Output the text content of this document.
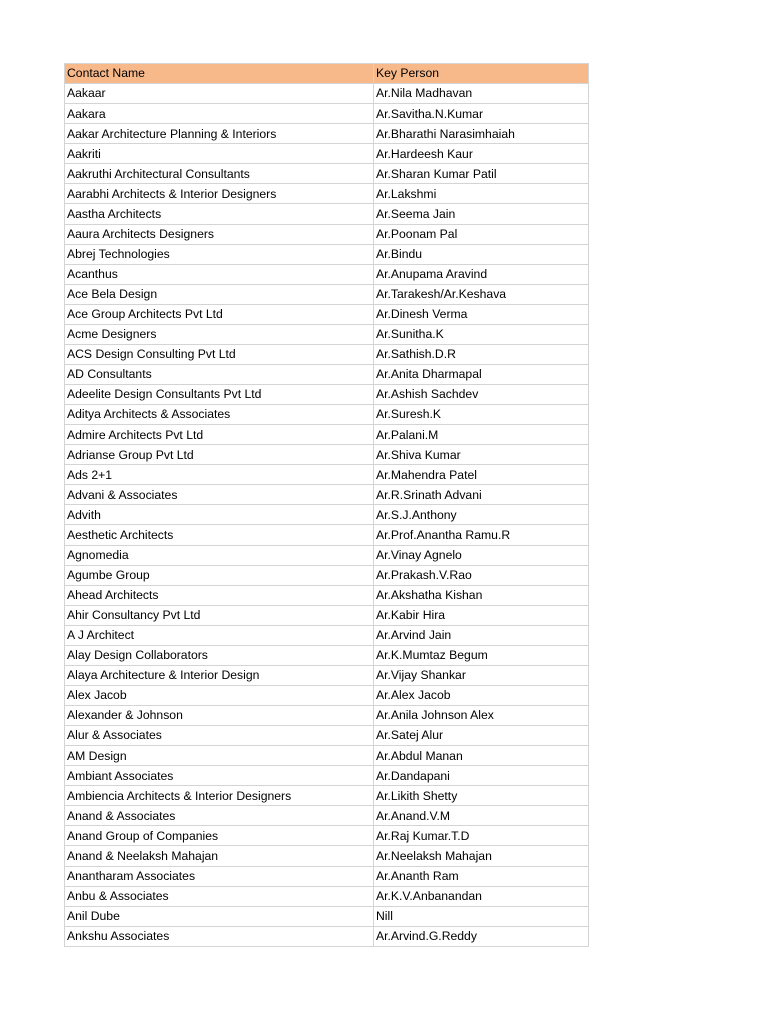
Contact Name	Key Person
Aakaar	Ar.Nila Madhavan
Aakara	Ar.Savitha.N.Kumar
Aakar Architecture Planning & Interiors	Ar.Bharathi Narasimhaiah
Aakriti	Ar.Hardeesh Kaur
Aakruthi Architectural Consultants	Ar.Sharan Kumar Patil
Aarabhi Architects & Interior Designers	Ar.Lakshmi
Aastha Architects	Ar.Seema Jain
Aaura Architects Designers	Ar.Poonam Pal
Abrej Technologies	Ar.Bindu
Acanthus	Ar.Anupama Aravind
Ace Bela Design	Ar.Tarakesh/Ar.Keshava
Ace Group Architects Pvt Ltd	Ar.Dinesh Verma
Acme Designers	Ar.Sunitha.K
ACS Design Consulting Pvt Ltd	Ar.Sathish.D.R
AD Consultants	Ar.Anita Dharmapal
Adeelite Design Consultants Pvt Ltd	Ar.Ashish Sachdev
Aditya Architects & Associates	Ar.Suresh.K
Admire Architects Pvt Ltd	Ar.Palani.M
Adrianse Group Pvt Ltd	Ar.Shiva Kumar
Ads 2+1	Ar.Mahendra Patel
Advani & Associates	Ar.R.Srinath Advani
Advith	Ar.S.J.Anthony
Aesthetic Architects	Ar.Prof.Anantha Ramu.R
Agnomedia	Ar.Vinay Agnelo
Agumbe Group	Ar.Prakash.V.Rao
Ahead Architects	Ar.Akshatha Kishan
Ahir Consultancy Pvt Ltd	Ar.Kabir Hira
A J Architect	Ar.Arvind Jain
Alay Design Collaborators	Ar.K.Mumtaz Begum
Alaya Architecture & Interior Design	Ar.Vijay Shankar
Alex Jacob	Ar.Alex Jacob
Alexander & Johnson	Ar.Anila Johnson Alex
Alur & Associates	Ar.Satej Alur
AM Design	Ar.Abdul Manan
Ambiant Associates	Ar.Dandapani
Ambiencia Architects & Interior Designers	Ar.Likith Shetty
Anand & Associates	Ar.Anand.V.M
Anand Group of Companies	Ar.Raj Kumar.T.D
Anand & Neelaksh Mahajan	Ar.Neelaksh Mahajan
Anantharam Associates	Ar.Ananth Ram
Anbu & Associates	Ar.K.V.Anbanandan
Anil Dube	Nill
Ankshu Associates	Ar.Arvind.G.Reddy
